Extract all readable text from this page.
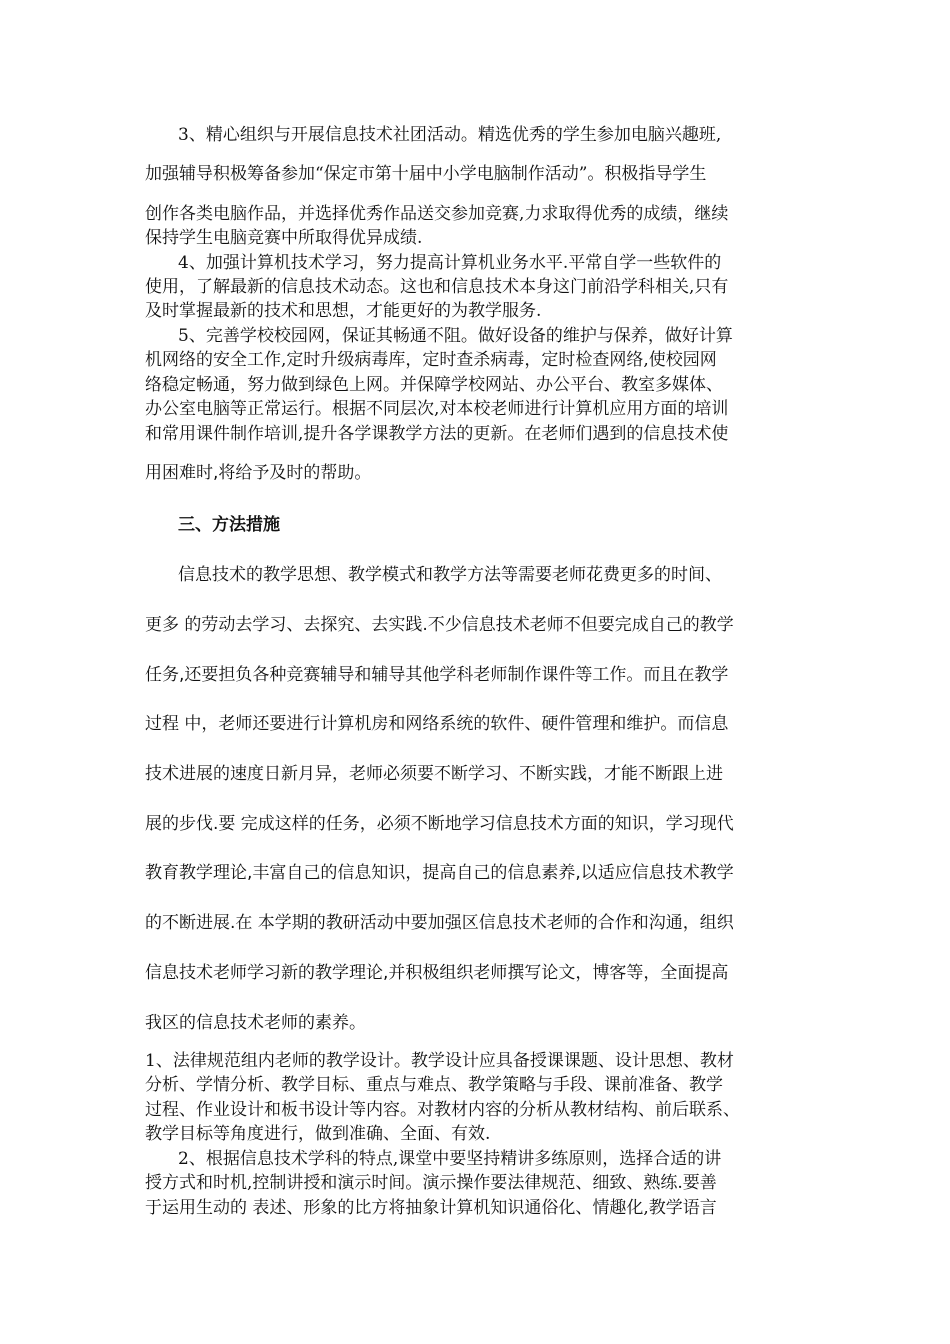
3、精心组织与开展信息技术社团活动。精选优秀的学生参加电脑兴趣班,
加强辅导积极筹备参加“保定市第十届中小学电脑制作活动”。积极指导学生
创作各类电脑作品，并选择优秀作品送交参加竞赛,力求取得优秀的成绩，继续
保持学生电脑竞赛中所取得优异成绩.
4、加强计算机技术学习，努力提高计算机业务水平.平常自学一些软件的
使用，了解最新的信息技术动态。这也和信息技术本身这门前沿学科相关,只有
及时掌握最新的技术和思想，才能更好的为教学服务.
5、完善学校校园网，保证其畅通不阻。做好设备的维护与保养，做好计算
机网络的安全工作,定时升级病毒库，定时查杀病毒，定时检查网络,使校园网
络稳定畅通，努力做到绿色上网。并保障学校网站、办公平台、教室多媒体、
办公室电脑等正常运行。根据不同层次,对本校老师进行计算机应用方面的培训
和常用课件制作培训,提升各学课教学方法的更新。在老师们遇到的信息技术使
用困难时,将给予及时的帮助。
三、方法措施
信息技术的教学思想、教学模式和教学方法等需要老师花费更多的时间、
更多 的劳动去学习、去探究、去实践.不少信息技术老师不但要完成自己的教学
任务,还要担负各种竞赛辅导和辅导其他学科老师制作课件等工作。而且在教学
过程 中，老师还要进行计算机房和网络系统的软件、硬件管理和维护。而信息
技术进展的速度日新月异，老师必须要不断学习、不断实践，才能不断跟上进
展的步伐.要 完成这样的任务，必须不断地学习信息技术方面的知识，学习现代
教育教学理论,丰富自己的信息知识，提高自己的信息素养,以适应信息技术教学
的不断进展.在 本学期的教研活动中要加强区信息技术老师的合作和沟通，组织
信息技术老师学习新的教学理论,并积极组织老师撰写论文，博客等，全面提高
我区的信息技术老师的素养。
1、法律规范组内老师的教学设计。教学设计应具备授课课题、设计思想、教材
分析、学情分析、教学目标、重点与难点、教学策略与手段、课前准备、教学
过程、作业设计和板书设计等内容。对教材内容的分析从教材结构、前后联系、
教学目标等角度进行，做到准确、全面、有效.
2、根据信息技术学科的特点,课堂中要坚持精讲多练原则，选择合适的讲
授方式和时机,控制讲授和演示时间。演示操作要法律规范、细致、熟练.要善
于运用生动的 表述、形象的比方将抽象计算机知识通俗化、情趣化,教学语言
